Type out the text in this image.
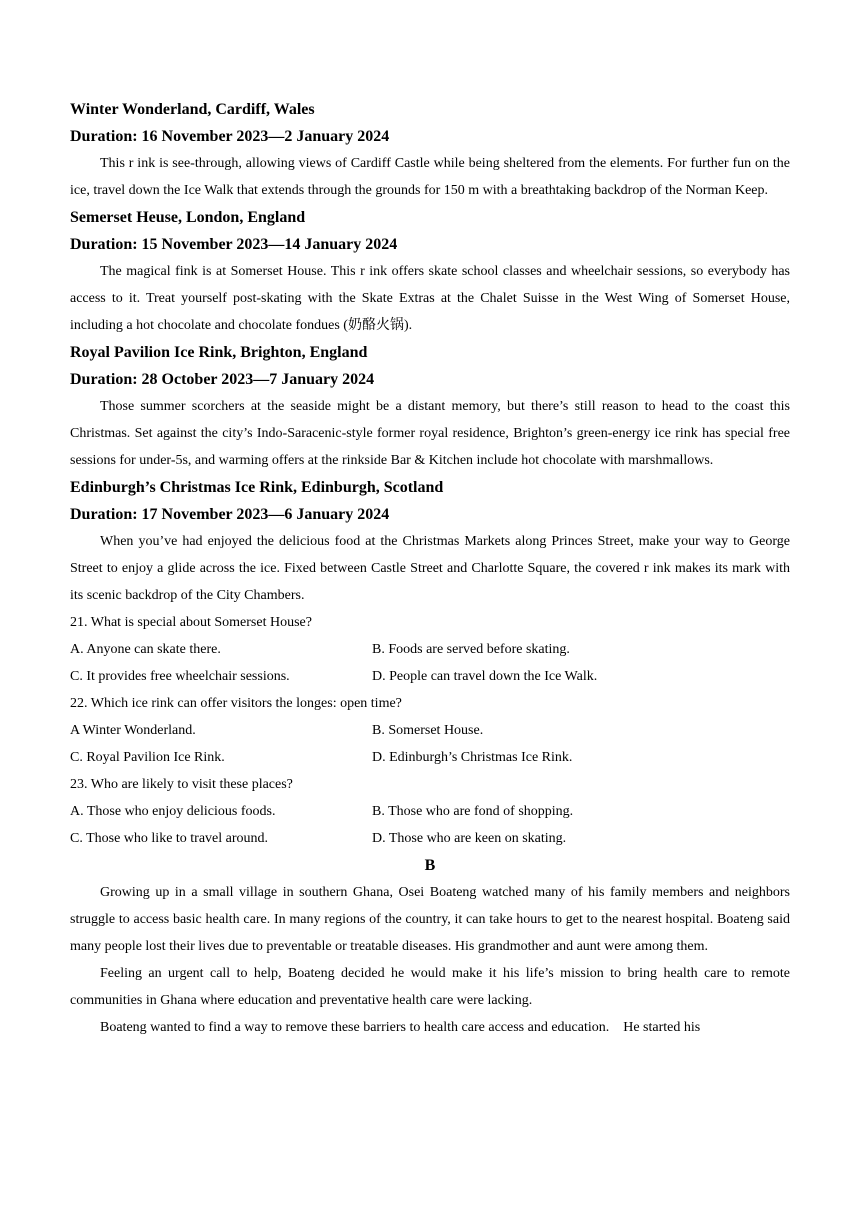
Winter Wonderland, Cardiff, Wales
Duration: 16 November 2023—2 January 2024

This r ink is see-through, allowing views of Cardiff Castle while being sheltered from the elements. For further fun on the ice, travel down the Ice Walk that extends through the grounds for 150 m with a breathtaking backdrop of the Norman Keep.

Semerset Heuse, London, England
Duration: 15 November 2023—14 January 2024

The magical fink is at Somerset House. This r ink offers skate school classes and wheelchair sessions, so everybody has access to it. Treat yourself post-skating with the Skate Extras at the Chalet Suisse in the West Wing of Somerset House, including a hot chocolate and chocolate fondues (奶酪火锅).

Royal Pavilion Ice Rink, Brighton, England
Duration: 28 October 2023—7 January 2024

Those summer scorchers at the seaside might be a distant memory, but there’s still reason to head to the coast this Christmas. Set against the city’s Indo-Saracenic-style former royal residence, Brighton’s green-energy ice rink has special free sessions for under-5s, and warming offers at the rinkside Bar & Kitchen include hot chocolate with marshmallows.

Edinburgh’s Christmas Ice Rink, Edinburgh, Scotland
Duration: 17 November 2023—6 January 2024

When you’ve had enjoyed the delicious food at the Christmas Markets along Princes Street, make your way to George Street to enjoy a glide across the ice. Fixed between Castle Street and Charlotte Square, the covered r ink makes its mark with its scenic backdrop of the City Chambers.

21. What is special about Somerset House?
A. Anyone can skate there.	B. Foods are served before skating.
C. It provides free wheelchair sessions.	D. People can travel down the Ice Walk.
22. Which ice rink can offer visitors the longes: open time?
A Winter Wonderland.	B. Somerset House.
C. Royal Pavilion Ice Rink.	D. Edinburgh’s Christmas Ice Rink.
23. Who are likely to visit these places?
A. Those who enjoy delicious foods.	B. Those who are fond of shopping.
C. Those who like to travel around.	D. Those who are keen on skating.
B

Growing up in a small village in southern Ghana, Osei Boateng watched many of his family members and neighbors struggle to access basic health care. In many regions of the country, it can take hours to get to the nearest hospital. Boateng said many people lost their lives due to preventable or treatable diseases. His grandmother and aunt were among them.

Feeling an urgent call to help, Boateng decided he would make it his life’s mission to bring health care to remote communities in Ghana where education and preventative health care were lacking.

Boateng wanted to find a way to remove these barriers to health care access and education.    He started his
